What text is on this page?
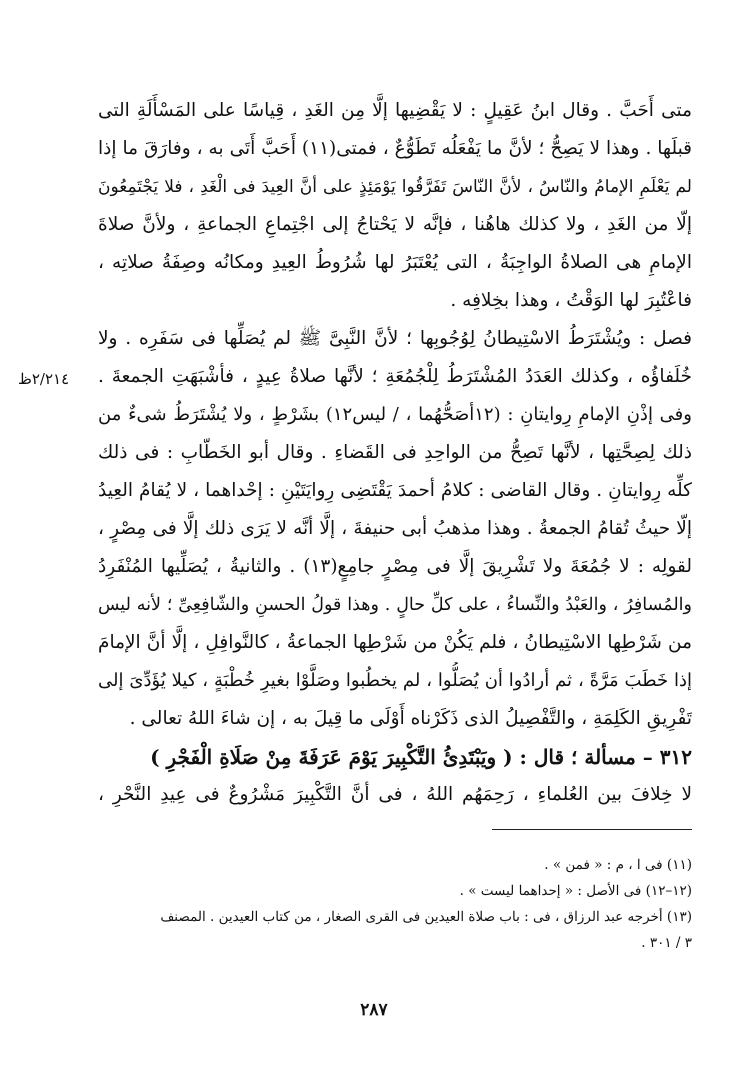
متى أَحَبَّ . وقال ابنُ عَقِيلٍ : لا يَقْضِيها إلَّا مِن الغَدِ ، قِياسًا على المَسْأَلَةِ التى
قبلَها . وهذا لا يَصِحُّ ؛ لأنَّ ما يَفْعَلُه تَطَوُّعٌ ، فمتى(١١) أَحَبَّ أَتَى به ، وفارَقَ ما إذا
لم يَعْلَمِ الإمامُ والنّاسُ ، لأنَّ النّاسَ تَفَرَّقُوا يَوْمَئِذٍ على أنَّ العِيدَ فى الْغَدِ ، فلا يَجْتَمِعُونَ
إلّا من الغَدِ ، ولا كذلك هاهُنا ، فإنَّه لا يَحْتاجُ إلى اجْتِماعِ الجماعةِ ، ولأنَّ صلاةَ
الإمامِ هى الصلاةُ الواجِبَةُ ، التى يُعْتَبَرُ لها شُرُوطُ العِيدِ ومكانُه وصِفَةُ صلاتِه ،
فاعْتُبِرَ لها الوَقْتُ ، وهذا بخِلافِه .
فصل : ويُشْتَرَطُ الاسْتِيطانُ لِوُجُوبِها ؛ لأنَّ النَّبِىَّ ﷺ لم يُصَلِّها فى سَفَرِه . ولا
خُلَفاؤُه ، وكذلك العَدَدُ المُشْتَرَطُ لِلْجُمُعَةِ ؛ لأنَّها صلاةُ عِيدٍ ، فأشْبَهَتِ الجمعةَ .
وفى إذْنِ الإمامِ رِوايتانِ : (١٢أصَحُّهُما ، / ليس١٢) بشَرْطٍ ، ولا يُشْتَرَطُ شىءٌ من
ذلك لِصِحَّتِها ، لأنَّها تَصِحُّ من الواحِدِ فى القَضاءِ . وقال أبو الخَطّابِ : فى ذلك
كلِّه رِوايتانِ . وقال القاضى : كلامُ أحمدَ يَقْتَضِى رِوايَتَيْنِ : إحْداهما ، لا يُقامُ العِيدُ
إلّا حيثُ تُقامُ الجمعةُ . وهذا مذهبُ أبى حنيفةَ ، إلَّا أنَّه لا يَرَى ذلك إلَّا فى مِصْرٍ ،
لقولِه : لا جُمُعَةَ ولا تَشْرِيقَ إلَّا فى مِصْرٍ جامِعٍ(١٣) . والثانيةُ ، يُصَلِّيها المُنْفَرِدُ
والمُسافِرُ ، والعَبْدُ والنِّساءُ ، على كلِّ حالٍ . وهذا قولُ الحسنِ والشّافِعِىِّ ؛ لأنه ليس
من شَرْطِها الاسْتِيطانُ ، فلم يَكُنْ من شَرْطِها الجماعةُ ، كالنَّوافِلِ ، إلَّا أنَّ الإمامَ
إذا خَطَبَ مَرَّةً ، ثم أرادُوا أن يُصَلُّوا ، لم يخطُبوا وصَلَّوْا بغيرِ خُطْبَةٍ ، كيلا يُؤَدِّىَ إلى
تَفْرِيقِ الكَلِمَةِ ، والتَّفْصِيلُ الذى ذَكَرْناه أَوْلَى ما قِيلَ به ، إن شاءَ اللهُ تعالى .
٣١٢ – مسألة ؛ قال : ( ويَبْتَدِئُ التَّكْبِيرَ يَوْمَ عَرَفَةَ مِنْ صَلَاةِ الْفَجْرِ )
لا خِلافَ بين العُلماءِ ، رَحِمَهُم اللهُ ، فى أنَّ التَّكْبِيرَ مَشْرُوعٌ فى عِيدِ النَّحْرِ ،
٢/٢١٤ظ
(١١) فى ا ، م : « فمن » .
(١٢–١٢) فى الأصل : « إحداهما ليست » .
(١٣) أخرجه عبد الرزاق ، فى : باب صلاة العيدين فى القرى الصغار ، من كتاب العيدين . المصنف
٣ / ٣٠١ .
٢٨٧
